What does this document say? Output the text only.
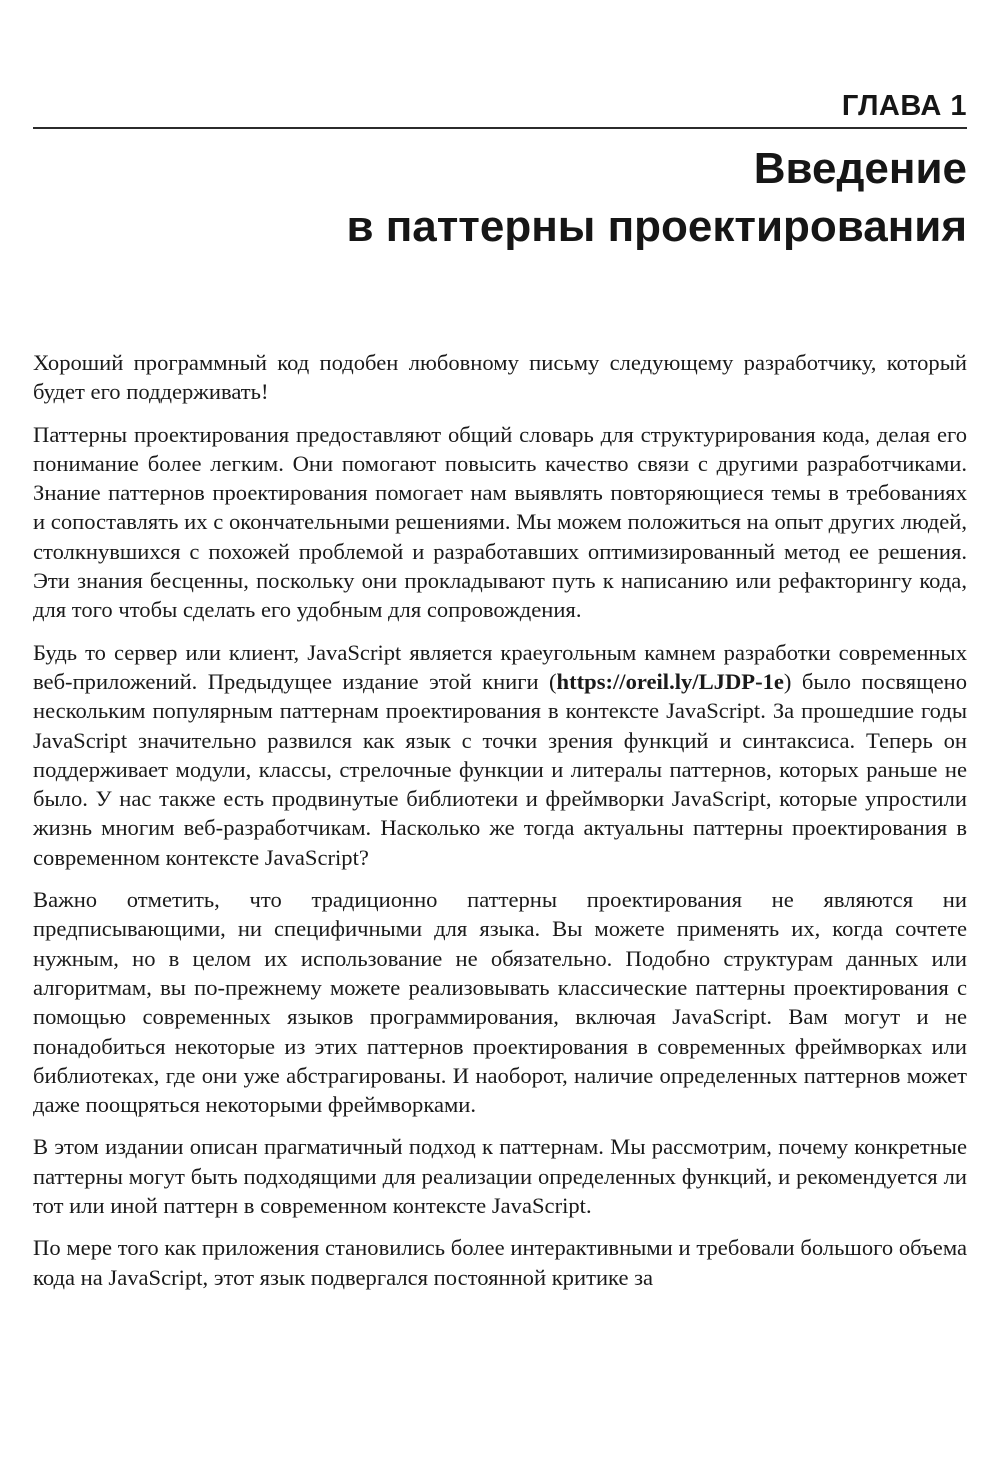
ГЛАВА 1
Введение
в паттерны проектирования

Хороший программный код подобен любовному письму следующему разработчику, который будет его поддерживать!

Паттерны проектирования предоставляют общий словарь для структурирования кода, делая его понимание более легким. Они помогают повысить качество связи с другими разработчиками. Знание паттернов проектирования помогает нам выявлять повторяющиеся темы в требованиях и сопоставлять их с окончательными решениями. Мы можем положиться на опыт других людей, столкнувшихся с похожей проблемой и разработавших оптимизированный метод ее решения. Эти знания бесценны, поскольку они прокладывают путь к написанию или рефакторингу кода, для того чтобы сделать его удобным для сопровождения.

Будь то сервер или клиент, JavaScript является краеугольным камнем разработки современных веб-приложений. Предыдущее издание этой книги (https://oreil.ly/LJDP-1e) было посвящено нескольким популярным паттернам проектирования в контексте JavaScript. За прошедшие годы JavaScript значительно развился как язык с точки зрения функций и синтаксиса. Теперь он поддерживает модули, классы, стрелочные функции и литералы паттернов, которых раньше не было. У нас также есть продвинутые библиотеки и фреймворки JavaScript, которые упростили жизнь многим веб-разработчикам. Насколько же тогда актуальны паттерны проектирования в современном контексте JavaScript?

Важно отметить, что традиционно паттерны проектирования не являются ни предписывающими, ни специфичными для языка. Вы можете применять их, когда сочтете нужным, но в целом их использование не обязательно. Подобно структурам данных или алгоритмам, вы по-прежнему можете реализовывать классические паттерны проектирования с помощью современных языков программирования, включая JavaScript. Вам могут и не понадобиться некоторые из этих паттернов проектирования в современных фреймворках или библиотеках, где они уже абстрагированы. И наоборот, наличие определенных паттернов может даже поощряться некоторыми фреймворками.

В этом издании описан прагматичный подход к паттернам. Мы рассмотрим, почему конкретные паттерны могут быть подходящими для реализации определенных функций, и рекомендуется ли тот или иной паттерн в современном контексте JavaScript.

По мере того как приложения становились более интерактивными и требовали большого объема кода на JavaScript, этот язык подвергался постоянной критике за
